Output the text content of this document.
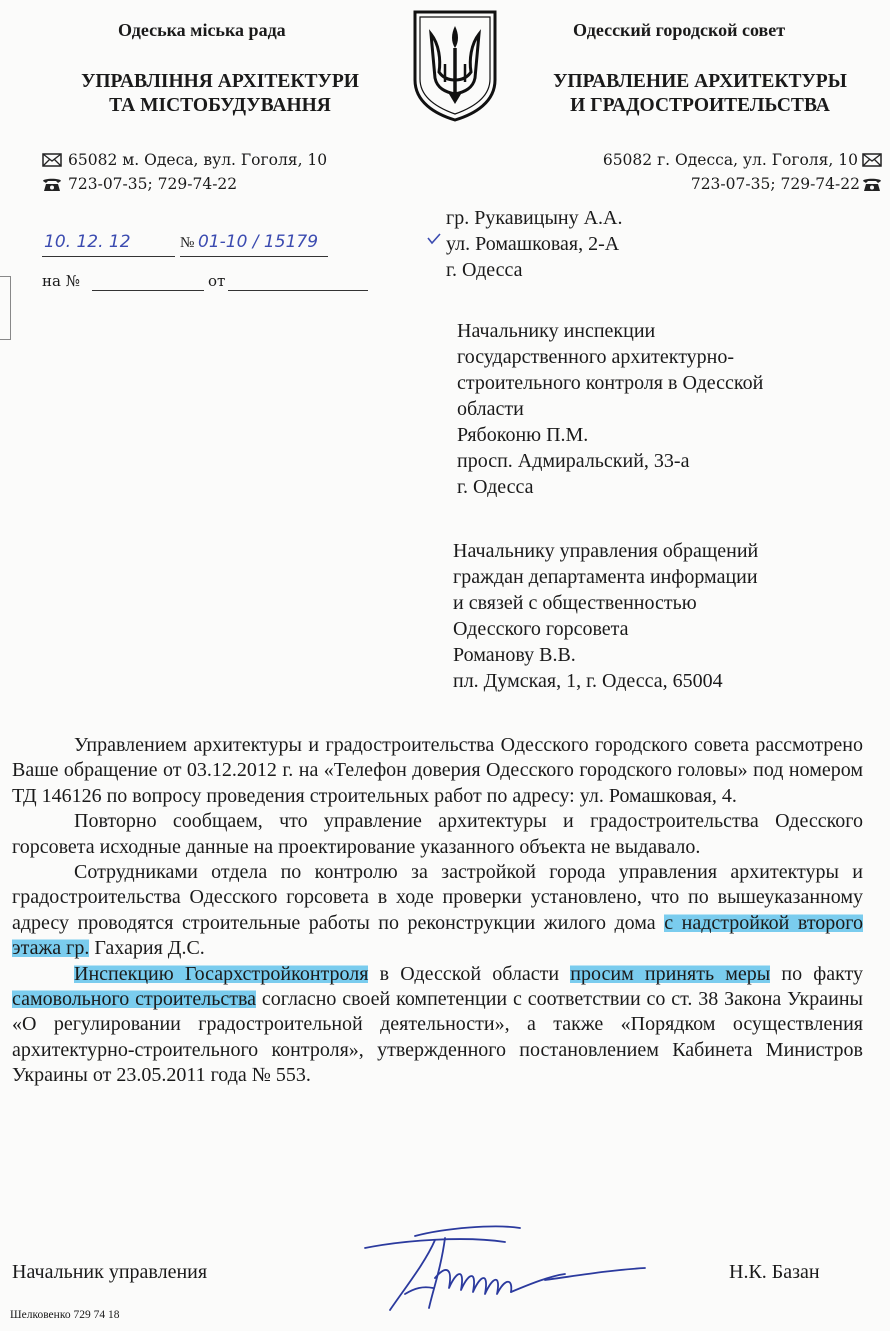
Одеська міська рада
УПРАВЛІННЯ АРХІТЕКТУРИ
ТА МІСТОБУДУВАННЯ
Одесский городской совет
УПРАВЛЕНИЕ АРХИТЕКТУРЫ
И ГРАДОСТРОИТЕЛЬСТВА
65082 м. Одеса, вул. Гоголя, 10
723-07-35; 729-74-22
65082 г. Одесса, ул. Гоголя, 10
723-07-35; 729-74-22
10. 12. 12	№ 01-10 / 15179
на №	от
гр. Рукавицыну А.А.
ул. Ромашковая, 2-А
г. Одесса
Начальнику инспекции
государственного архитектурно-
строительного контроля в Одесской
области
Рябоконю П.М.
просп. Адмиральский, 33-а
г. Одесса
Начальнику управления обращений
граждан департамента информации
и связей с общественностью
Одесского горсовета
Романову В.В.
пл. Думская, 1, г. Одесса, 65004

Управлением архитектуры и градостроительства Одесского городского совета рассмотрено Ваше обращение от 03.12.2012 г. на «Телефон доверия Одесского городского головы» под номером ТД 146126 по вопросу проведения строительных работ по адресу: ул. Ромашковая, 4.

Повторно сообщаем, что управление архитектуры и градостроительства Одесского горсовета исходные данные на проектирование указанного объекта не выдавало.

Сотрудниками отдела по контролю за застройкой города управления архитектуры и градостроительства Одесского горсовета в ходе проверки установлено, что по вышеуказанному адресу проводятся строительные работы по реконструкции жилого дома с надстройкой второго этажа гр. Гахария Д.С.

Инспекцию Госархстройконтроля в Одесской области просим принять меры по факту самовольного строительства согласно своей компетенции с соответствии со ст. 38 Закона Украины «О регулировании градостроительной деятельности», а также «Порядком осуществления архитектурно-строительного контроля», утвержденного постановлением Кабинета Министров Украины от 23.05.2011 года № 553.

Начальник управления	Н.К. Базан
Шелковенко 729 74 18
